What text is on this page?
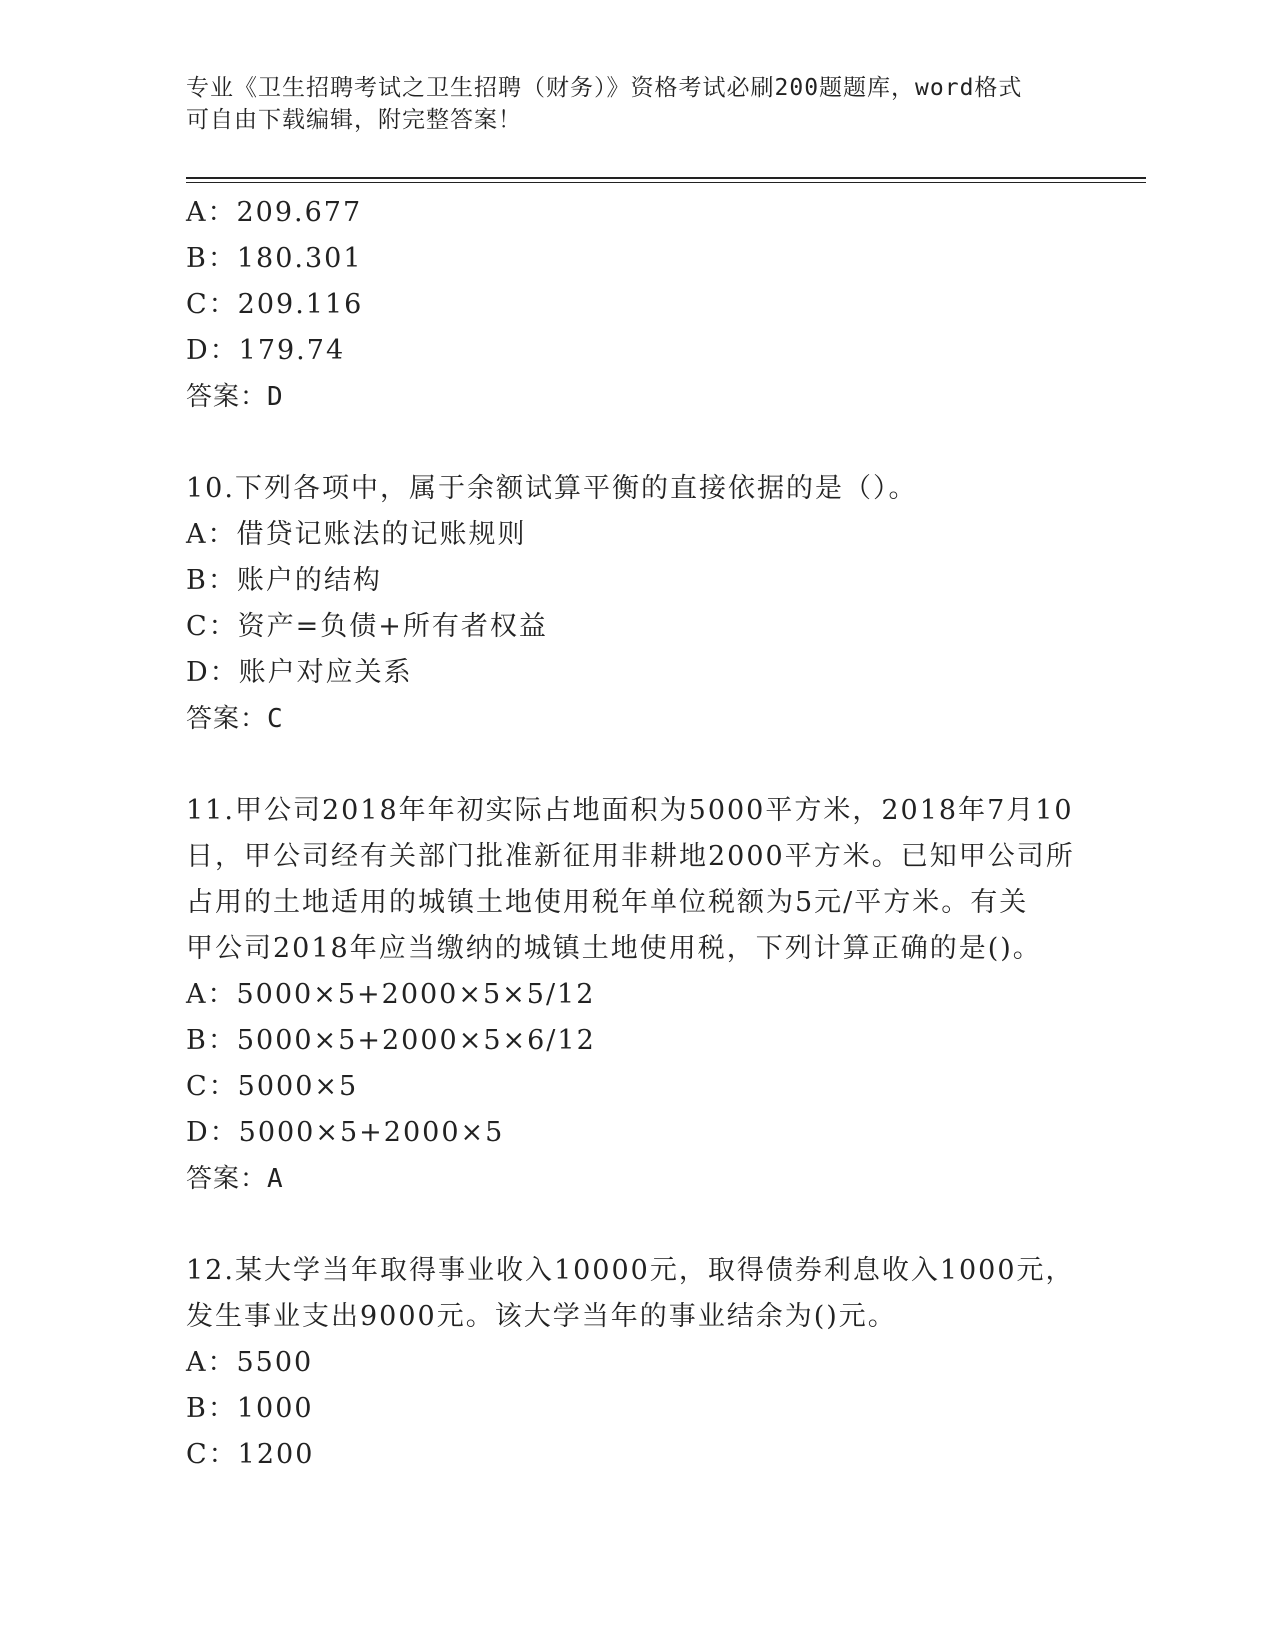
专业《卫生招聘考试之卫生招聘（财务）》资格考试必刷200题题库，word格式
可自由下载编辑，附完整答案！
A：209.677
B：180.301
C：209.116
D：179.74
答案：D
10.下列各项中，属于余额试算平衡的直接依据的是（）。
A：借贷记账法的记账规则
B：账户的结构
C：资产=负债+所有者权益
D：账户对应关系
答案：C
11.甲公司2018年年初实际占地面积为5000平方米，2018年7月10
日，甲公司经有关部门批准新征用非耕地2000平方米。已知甲公司所
占用的土地适用的城镇土地使用税年单位税额为5元/平方米。有关
甲公司2018年应当缴纳的城镇土地使用税，下列计算正确的是()。
A：5000×5+2000×5×5/12
B：5000×5+2000×5×6/12
C：5000×5
D：5000×5+2000×5
答案：A
12.某大学当年取得事业收入10000元，取得债券利息收入1000元，
发生事业支出9000元。该大学当年的事业结余为()元。
A：5500
B：1000
C：1200
